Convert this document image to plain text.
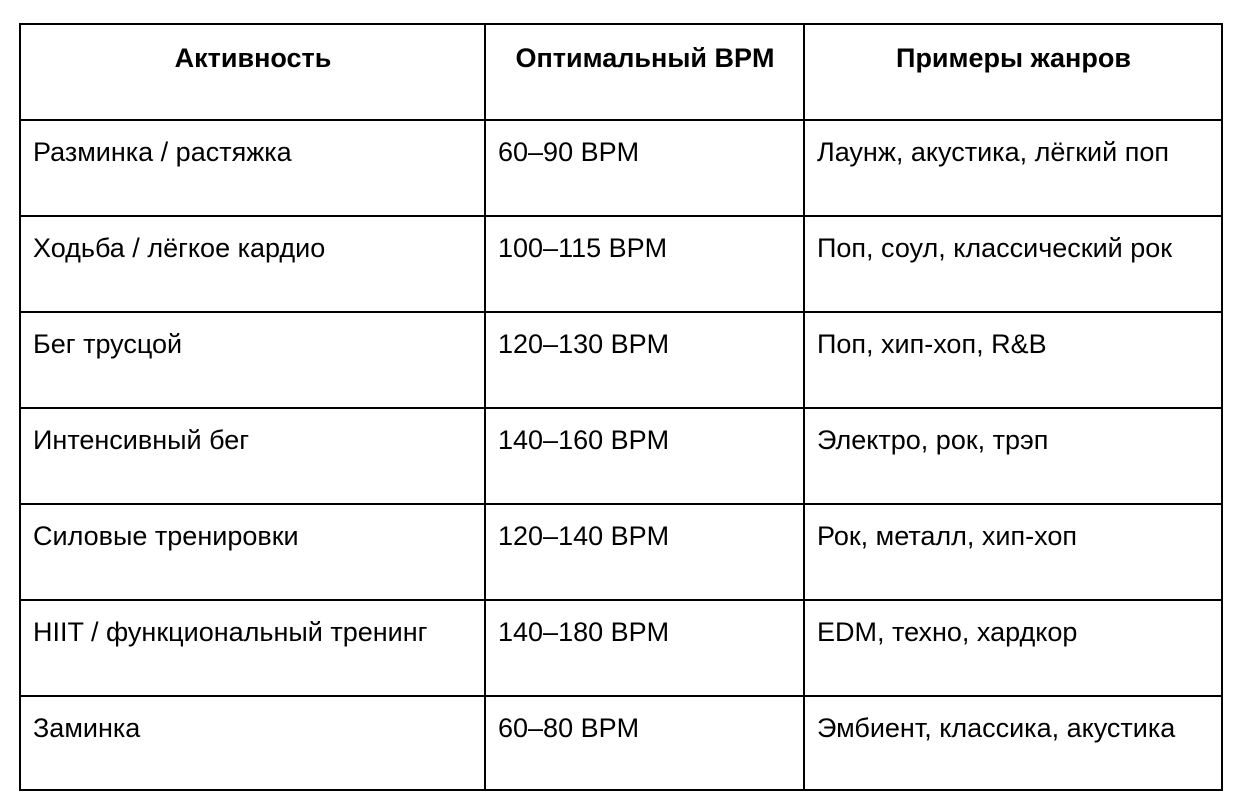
Активность	Оптимальный BPM	Примеры жанров
Разминка / растяжка	60–90 BPM	Лаунж, акустика, лёгкий поп
Ходьба / лёгкое кардио	100–115 BPM	Поп, соул, классический рок
Бег трусцой	120–130 BPM	Поп, хип-хоп, R&B
Интенсивный бег	140–160 BPM	Электро, рок, трэп
Силовые тренировки	120–140 BPM	Рок, металл, хип-хоп
HIIT / функциональный тренинг	140–180 BPM	EDM, техно, хардкор
Заминка	60–80 BPM	Эмбиент, классика, акустика
